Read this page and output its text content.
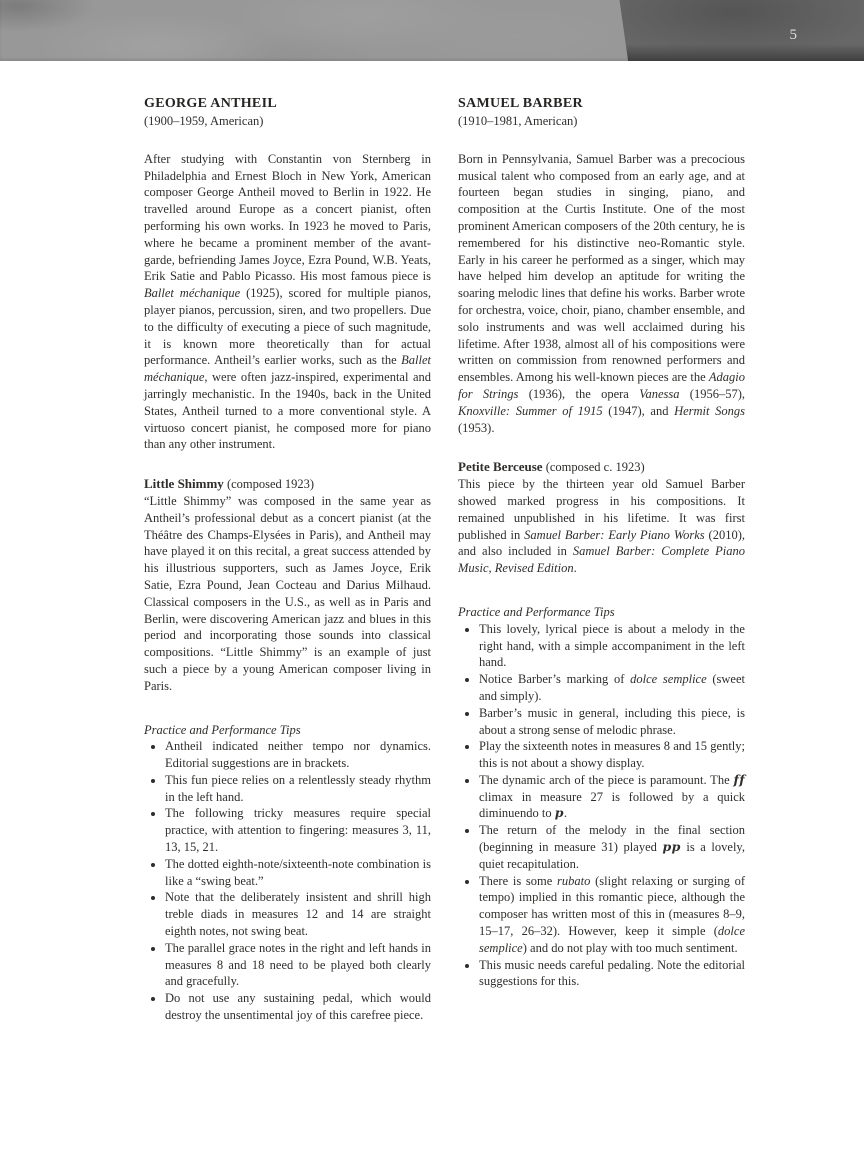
5
GEORGE ANTHEIL
(1900–1959, American)

After studying with Constantin von Sternberg in Philadelphia and Ernest Bloch in New York, American composer George Antheil moved to Berlin in 1922. He travelled around Europe as a concert pianist, often performing his own works. In 1923 he moved to Paris, where he became a prominent member of the avant-garde, befriending James Joyce, Ezra Pound, W.B. Yeats, Erik Satie and Pablo Picasso. His most famous piece is Ballet méchanique (1925), scored for multiple pianos, player pianos, percussion, siren, and two propellers. Due to the difficulty of executing a piece of such magnitude, it is known more theoretically than for actual performance. Antheil’s earlier works, such as the Ballet méchanique, were often jazz-inspired, experimental and jarringly mechanistic. In the 1940s, back in the United States, Antheil turned to a more conventional style. A virtuoso concert pianist, he composed more for piano than any other instrument.

Little Shimmy (composed 1923)

“Little Shimmy” was composed in the same year as Antheil’s professional debut as a concert pianist (at the Théâtre des Champs-Elysées in Paris), and Antheil may have played it on this recital, a great success attended by his illustrious supporters, such as James Joyce, Erik Satie, Ezra Pound, Jean Cocteau and Darius Milhaud. Classical composers in the U.S., as well as in Paris and Berlin, were discovering American jazz and blues in this period and incorporating those sounds into classical compositions. “Little Shimmy” is an example of just such a piece by a young American composer living in Paris.

Practice and Performance Tips
• Antheil indicated neither tempo nor dynamics. Editorial suggestions are in brackets.
• This fun piece relies on a relentlessly steady rhythm in the left hand.
• The following tricky measures require special practice, with attention to fingering: measures 3, 11, 13, 15, 21.
• The dotted eighth-note/sixteenth-note combination is like a “swing beat.”
• Note that the deliberately insistent and shrill high treble diads in measures 12 and 14 are straight eighth notes, not swing beat.
• The parallel grace notes in the right and left hands in measures 8 and 18 need to be played both clearly and gracefully.
• Do not use any sustaining pedal, which would destroy the unsentimental joy of this carefree piece.
SAMUEL BARBER
(1910–1981, American)

Born in Pennsylvania, Samuel Barber was a precocious musical talent who composed from an early age, and at fourteen began studies in singing, piano, and composition at the Curtis Institute. One of the most prominent American composers of the 20th century, he is remembered for his distinctive neo-Romantic style. Early in his career he performed as a singer, which may have helped him develop an aptitude for writing the soaring melodic lines that define his works. Barber wrote for orchestra, voice, choir, piano, chamber ensemble, and solo instruments and was well acclaimed during his lifetime. After 1938, almost all of his compositions were written on commission from renowned performers and ensembles. Among his well-known pieces are the Adagio for Strings (1936), the opera Vanessa (1956–57), Knoxville: Summer of 1915 (1947), and Hermit Songs (1953).

Petite Berceuse (composed c. 1923)

This piece by the thirteen year old Samuel Barber showed marked progress in his compositions. It remained unpublished in his lifetime. It was first published in Samuel Barber: Early Piano Works (2010), and also included in Samuel Barber: Complete Piano Music, Revised Edition.

Practice and Performance Tips
• This lovely, lyrical piece is about a melody in the right hand, with a simple accompaniment in the left hand.
• Notice Barber’s marking of dolce semplice (sweet and simply).
• Barber’s music in general, including this piece, is about a strong sense of melodic phrase.
• Play the sixteenth notes in measures 8 and 15 gently; this is not about a showy display.
• The dynamic arch of the piece is paramount. The ff climax in measure 27 is followed by a quick diminuendo to p.
• The return of the melody in the final section (beginning in measure 31) played pp is a lovely, quiet recapitulation.
• There is some rubato (slight relaxing or surging of tempo) implied in this romantic piece, although the composer has written most of this in (measures 8–9, 15–17, 26–32). However, keep it simple (dolce semplice) and do not play with too much sentiment.
• This music needs careful pedaling. Note the editorial suggestions for this.
